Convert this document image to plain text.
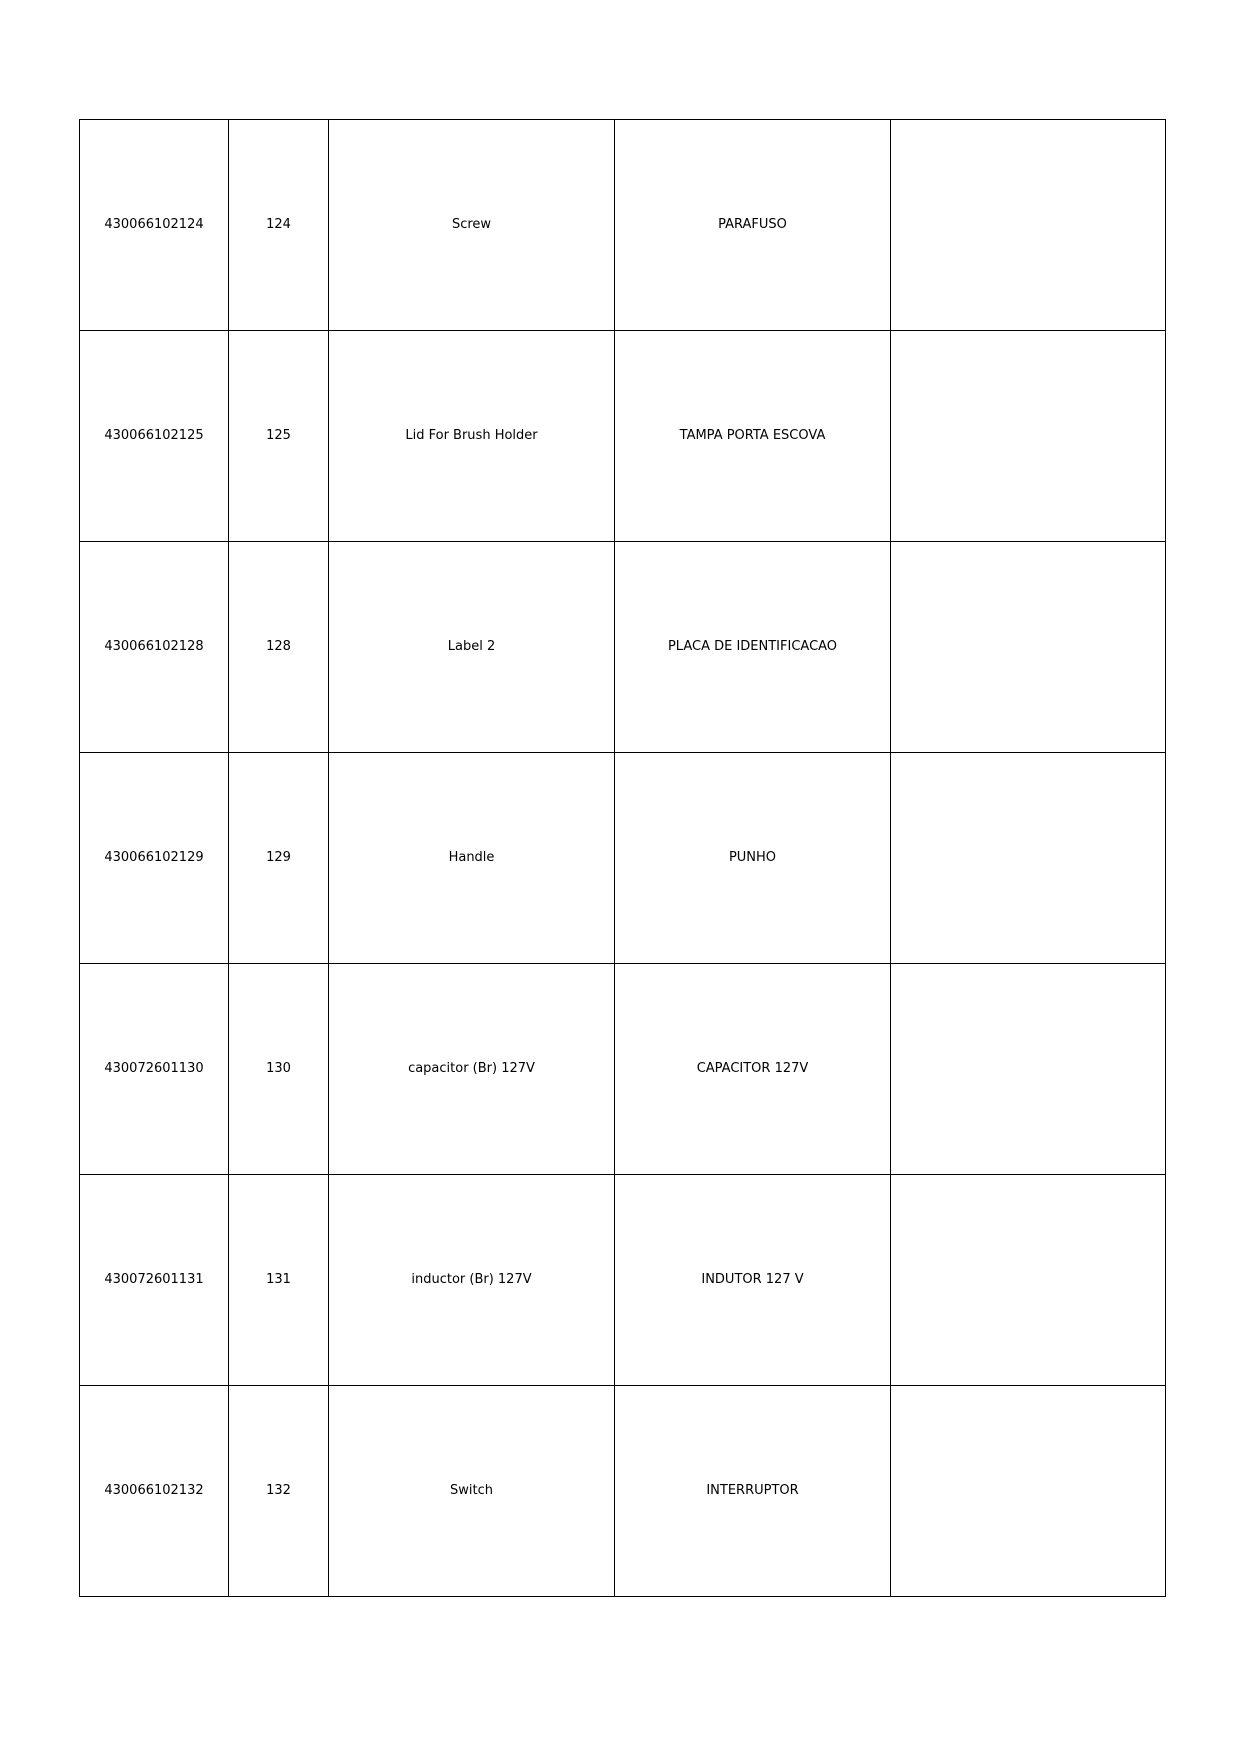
430066102124	124	Screw	PARAFUSO	
430066102125	125	Lid For Brush Holder	TAMPA PORTA ESCOVA	
430066102128	128	Label 2	PLACA DE IDENTIFICACAO	
430066102129	129	Handle	PUNHO	
430072601130	130	capacitor (Br) 127V	CAPACITOR 127V	
430072601131	131	inductor (Br) 127V	INDUTOR 127 V	
430066102132	132	Switch	INTERRUPTOR	
